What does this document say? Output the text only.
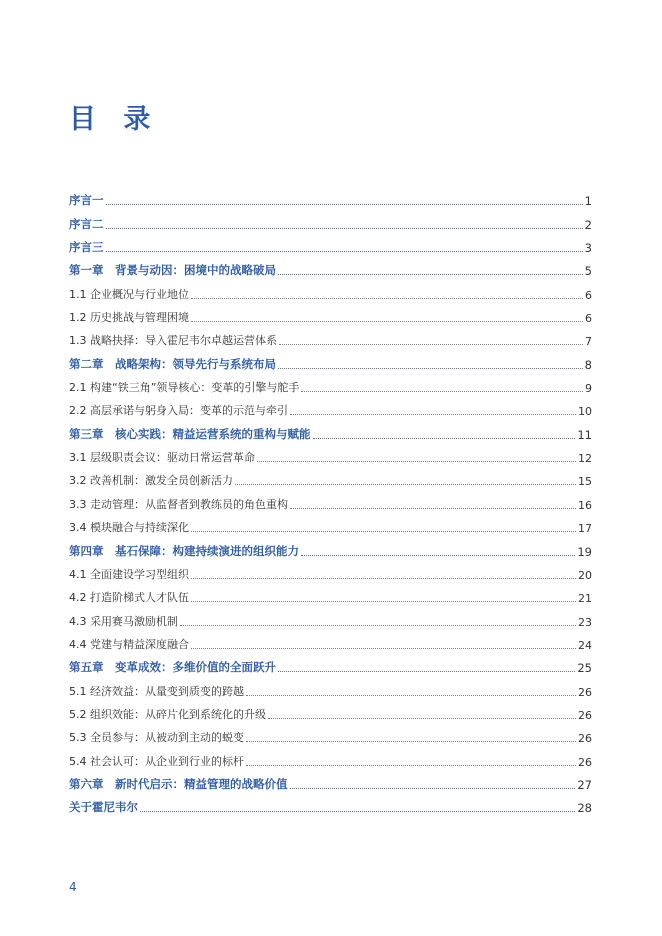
目 录
序言一	1
序言二	2
序言三	3
第一章　背景与动因：困境中的战略破局	5
1.1 企业概况与行业地位	6
1.2 历史挑战与管理困境	6
1.3 战略抉择：导入霍尼韦尔卓越运营体系	7
第二章　战略架构：领导先行与系统布局	8
2.1 构建“铁三角”领导核心：变革的引擎与舵手	9
2.2 高层承诺与躬身入局：变革的示范与牵引	10
第三章　核心实践：精益运营系统的重构与赋能	11
3.1 层级职责会议：驱动日常运营革命	12
3.2 改善机制：激发全员创新活力	15
3.3 走动管理：从监督者到教练员的角色重构	16
3.4 模块融合与持续深化	17
第四章　基石保障：构建持续演进的组织能力	19
4.1 全面建设学习型组织	20
4.2 打造阶梯式人才队伍	21
4.3 采用赛马激励机制	23
4.4 党建与精益深度融合	24
第五章　变革成效：多维价值的全面跃升	25
5.1 经济效益：从量变到质变的跨越	26
5.2 组织效能：从碎片化到系统化的升级	26
5.3 全员参与：从被动到主动的蜕变	26
5.4 社会认可：从企业到行业的标杆	26
第六章　新时代启示：精益管理的战略价值	27
关于霍尼韦尔	28
4
